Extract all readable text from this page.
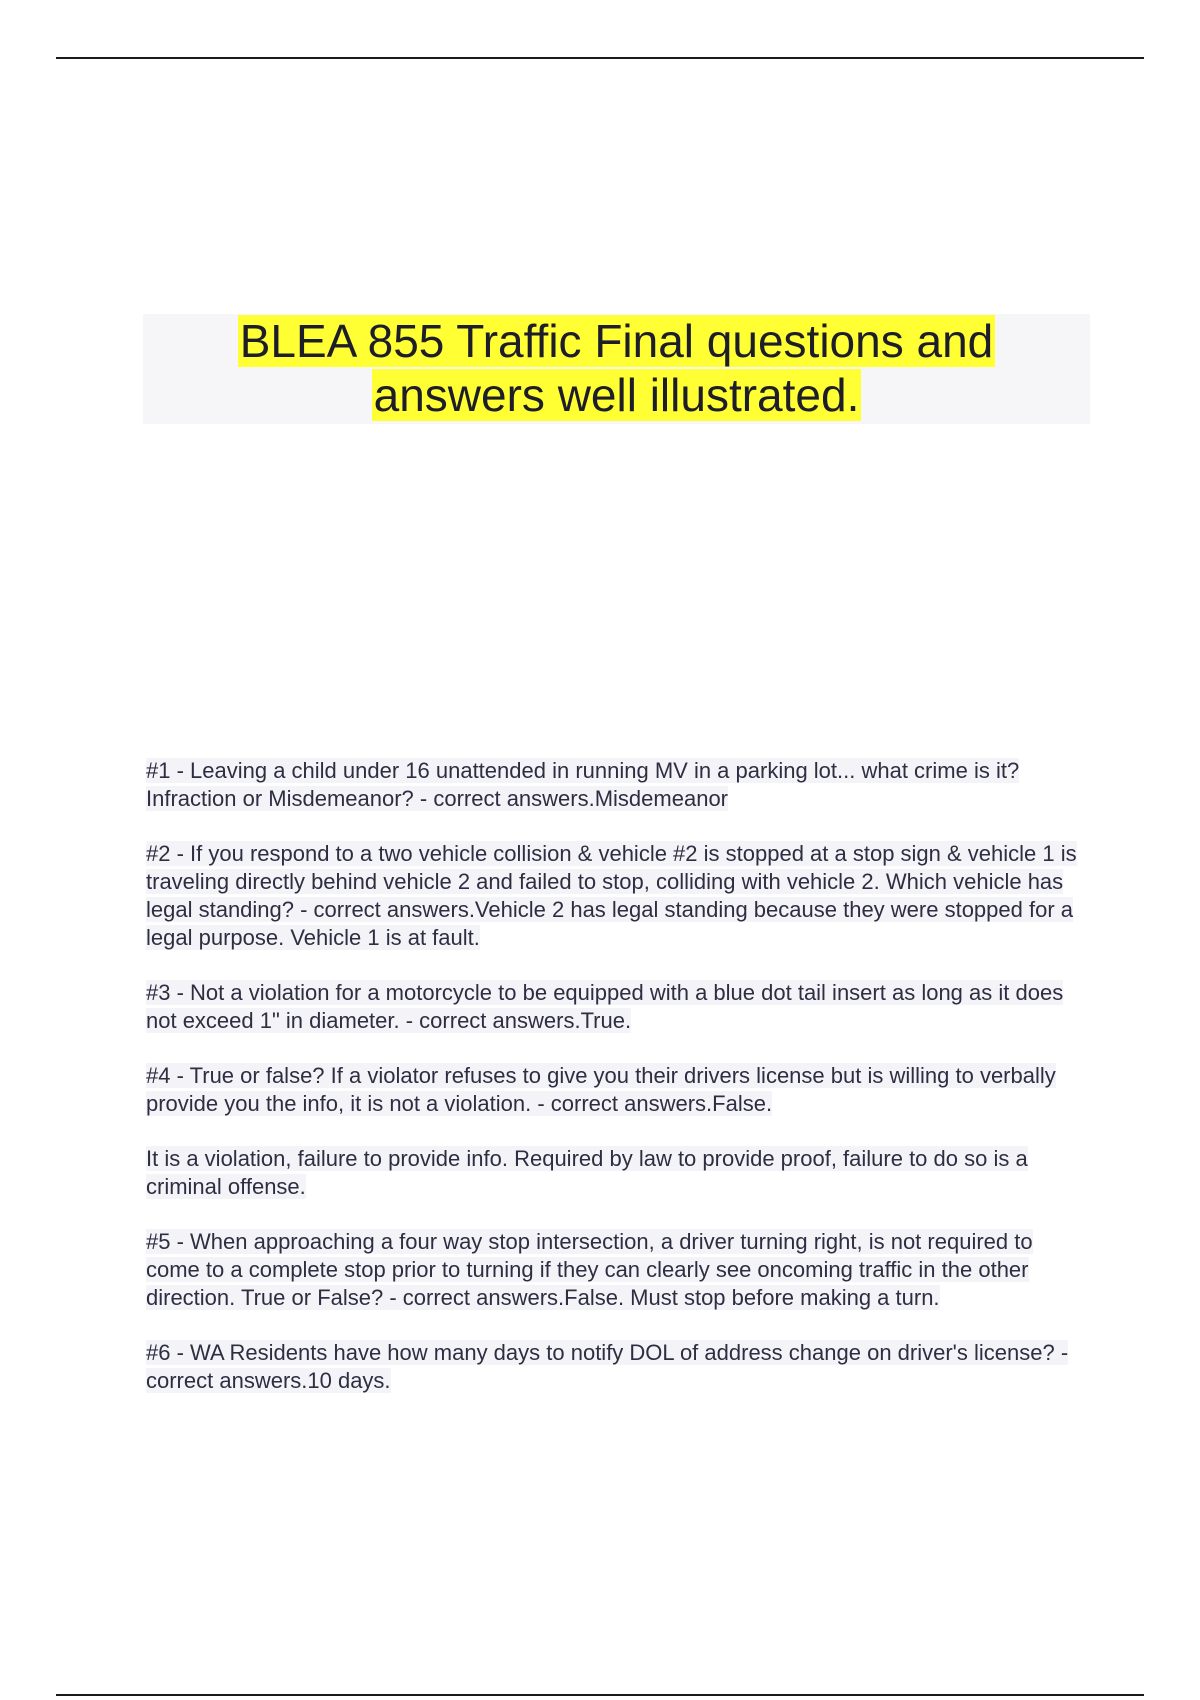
BLEA 855 Traffic Final questions and
answers well illustrated.

#1 - Leaving a child under 16 unattended in running MV in a parking lot... what crime is it? Infraction or Misdemeanor? - correct answers.Misdemeanor

#2 - If you respond to a two vehicle collision & vehicle #2 is stopped at a stop sign & vehicle 1 is traveling directly behind vehicle 2 and failed to stop, colliding with vehicle 2. Which vehicle has legal standing? - correct answers.Vehicle 2 has legal standing because they were stopped for a legal purpose. Vehicle 1 is at fault.

#3 - Not a violation for a motorcycle to be equipped with a blue dot tail insert as long as it does not exceed 1" in diameter. - correct answers.True.

#4 - True or false? If a violator refuses to give you their drivers license but is willing to verbally provide you the info, it is not a violation. - correct answers.False.

It is a violation, failure to provide info. Required by law to provide proof, failure to do so is a criminal offense.

#5 - When approaching a four way stop intersection, a driver turning right, is not required to come to a complete stop prior to turning if they can clearly see oncoming traffic in the other direction. True or False? - correct answers.False. Must stop before making a turn.

#6 - WA Residents have how many days to notify DOL of address change on driver's license? - correct answers.10 days.
